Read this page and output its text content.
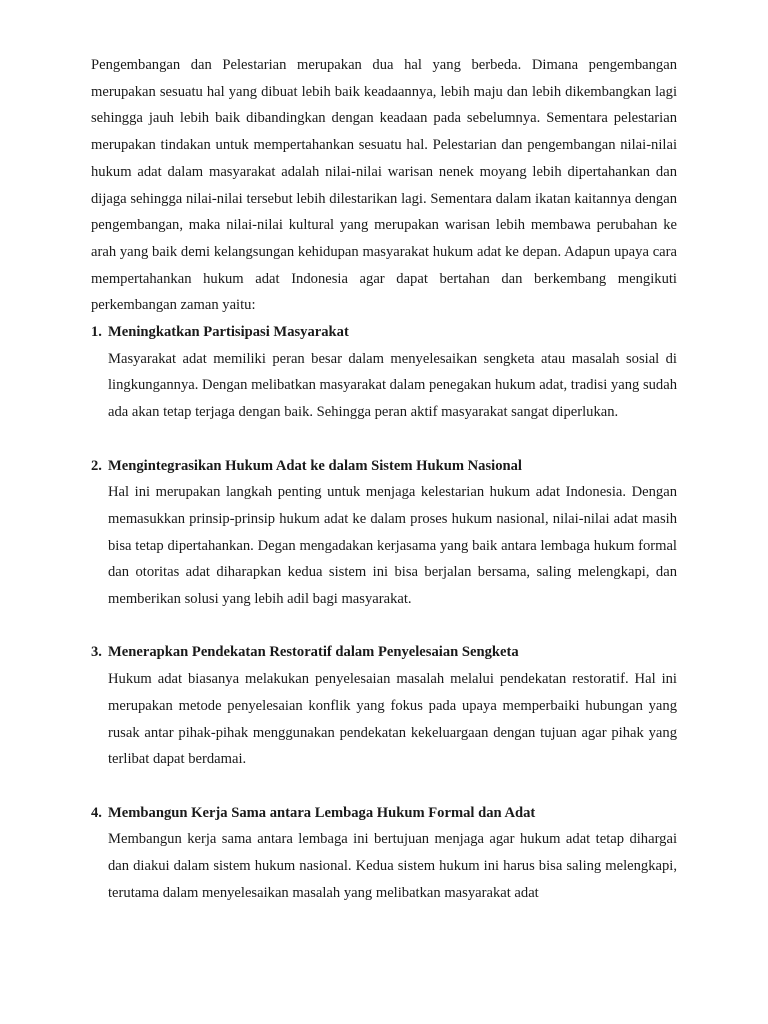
Pengembangan dan Pelestarian merupakan dua hal yang berbeda. Dimana pengembangan merupakan sesuatu hal yang dibuat lebih baik keadaannya, lebih maju dan lebih dikembangkan lagi sehingga jauh lebih baik dibandingkan dengan keadaan pada sebelumnya. Sementara pelestarian merupakan tindakan untuk mempertahankan sesuatu hal. Pelestarian dan pengembangan nilai-nilai hukum adat dalam masyarakat adalah nilai-nilai warisan nenek moyang lebih dipertahankan dan dijaga sehingga nilai-nilai tersebut lebih dilestarikan lagi. Sementara dalam ikatan kaitannya dengan pengembangan, maka nilai-nilai kultural yang merupakan warisan lebih membawa perubahan ke arah yang baik demi kelangsungan kehidupan masyarakat hukum adat ke depan. Adapun upaya cara mempertahankan hukum adat Indonesia agar dapat bertahan dan berkembang mengikuti perkembangan zaman yaitu:

1. Meningkatkan Partisipasi Masyarakat

Masyarakat adat memiliki peran besar dalam menyelesaikan sengketa atau masalah sosial di lingkungannya. Dengan melibatkan masyarakat dalam penegakan hukum adat, tradisi yang sudah ada akan tetap terjaga dengan baik. Sehingga peran aktif masyarakat sangat diperlukan.

2. Mengintegrasikan Hukum Adat ke dalam Sistem Hukum Nasional

Hal ini merupakan langkah penting untuk menjaga kelestarian hukum adat Indonesia. Dengan memasukkan prinsip-prinsip hukum adat ke dalam proses hukum nasional, nilai-nilai adat masih bisa tetap dipertahankan. Degan mengadakan kerjasama yang baik antara lembaga hukum formal dan otoritas adat diharapkan kedua sistem ini bisa berjalan bersama, saling melengkapi, dan memberikan solusi yang lebih adil bagi masyarakat.

3. Menerapkan Pendekatan Restoratif dalam Penyelesaian Sengketa

Hukum adat biasanya melakukan penyelesaian masalah melalui pendekatan restoratif. Hal ini merupakan metode penyelesaian konflik yang fokus pada upaya memperbaiki hubungan yang rusak antar pihak-pihak menggunakan pendekatan kekeluargaan dengan tujuan agar pihak yang terlibat dapat berdamai.

4. Membangun Kerja Sama antara Lembaga Hukum Formal dan Adat

Membangun kerja sama antara lembaga ini bertujuan menjaga agar hukum adat tetap dihargai dan diakui dalam sistem hukum nasional. Kedua sistem hukum ini harus bisa saling melengkapi, terutama dalam menyelesaikan masalah yang melibatkan masyarakat adat
